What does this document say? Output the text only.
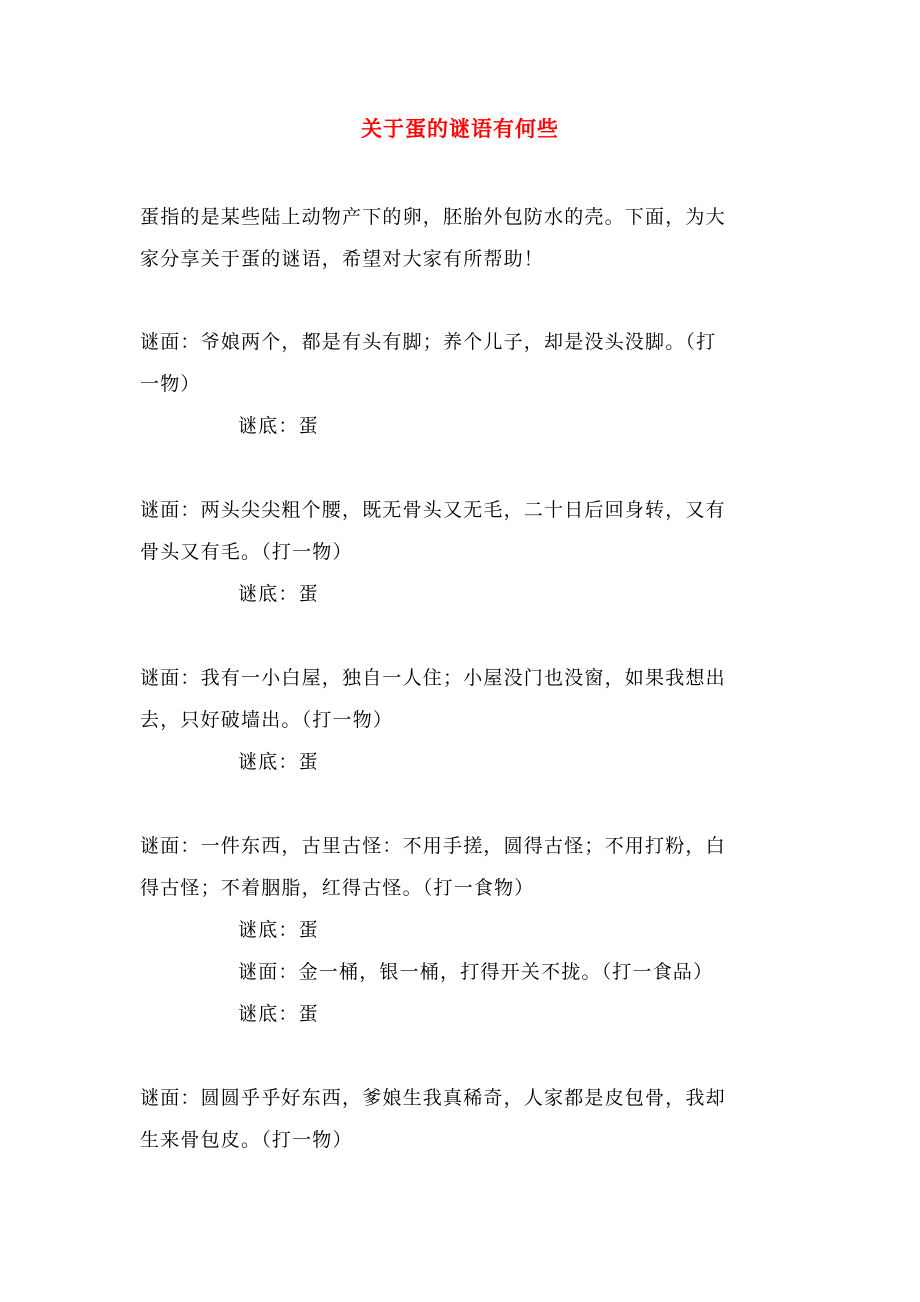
关于蛋的谜语有何些
蛋指的是某些陆上动物产下的卵，胚胎外包防水的壳。下面，为大
家分享关于蛋的谜语，希望对大家有所帮助！
谜面：爷娘两个，都是有头有脚；养个儿子，却是没头没脚。（打
一物）
谜底：蛋
谜面：两头尖尖粗个腰，既无骨头又无毛，二十日后回身转，又有
骨头又有毛。（打一物）
谜底：蛋
谜面：我有一小白屋，独自一人住；小屋没门也没窗，如果我想出
去，只好破墙出。（打一物）
谜底：蛋
谜面：一件东西，古里古怪：不用手搓，圆得古怪；不用打粉，白
得古怪；不着胭脂，红得古怪。（打一食物）
谜底：蛋
谜面：金一桶，银一桶，打得开关不拢。（打一食品）
谜底：蛋
谜面：圆圆乎乎好东西，爹娘生我真稀奇，人家都是皮包骨，我却
生来骨包皮。（打一物）
